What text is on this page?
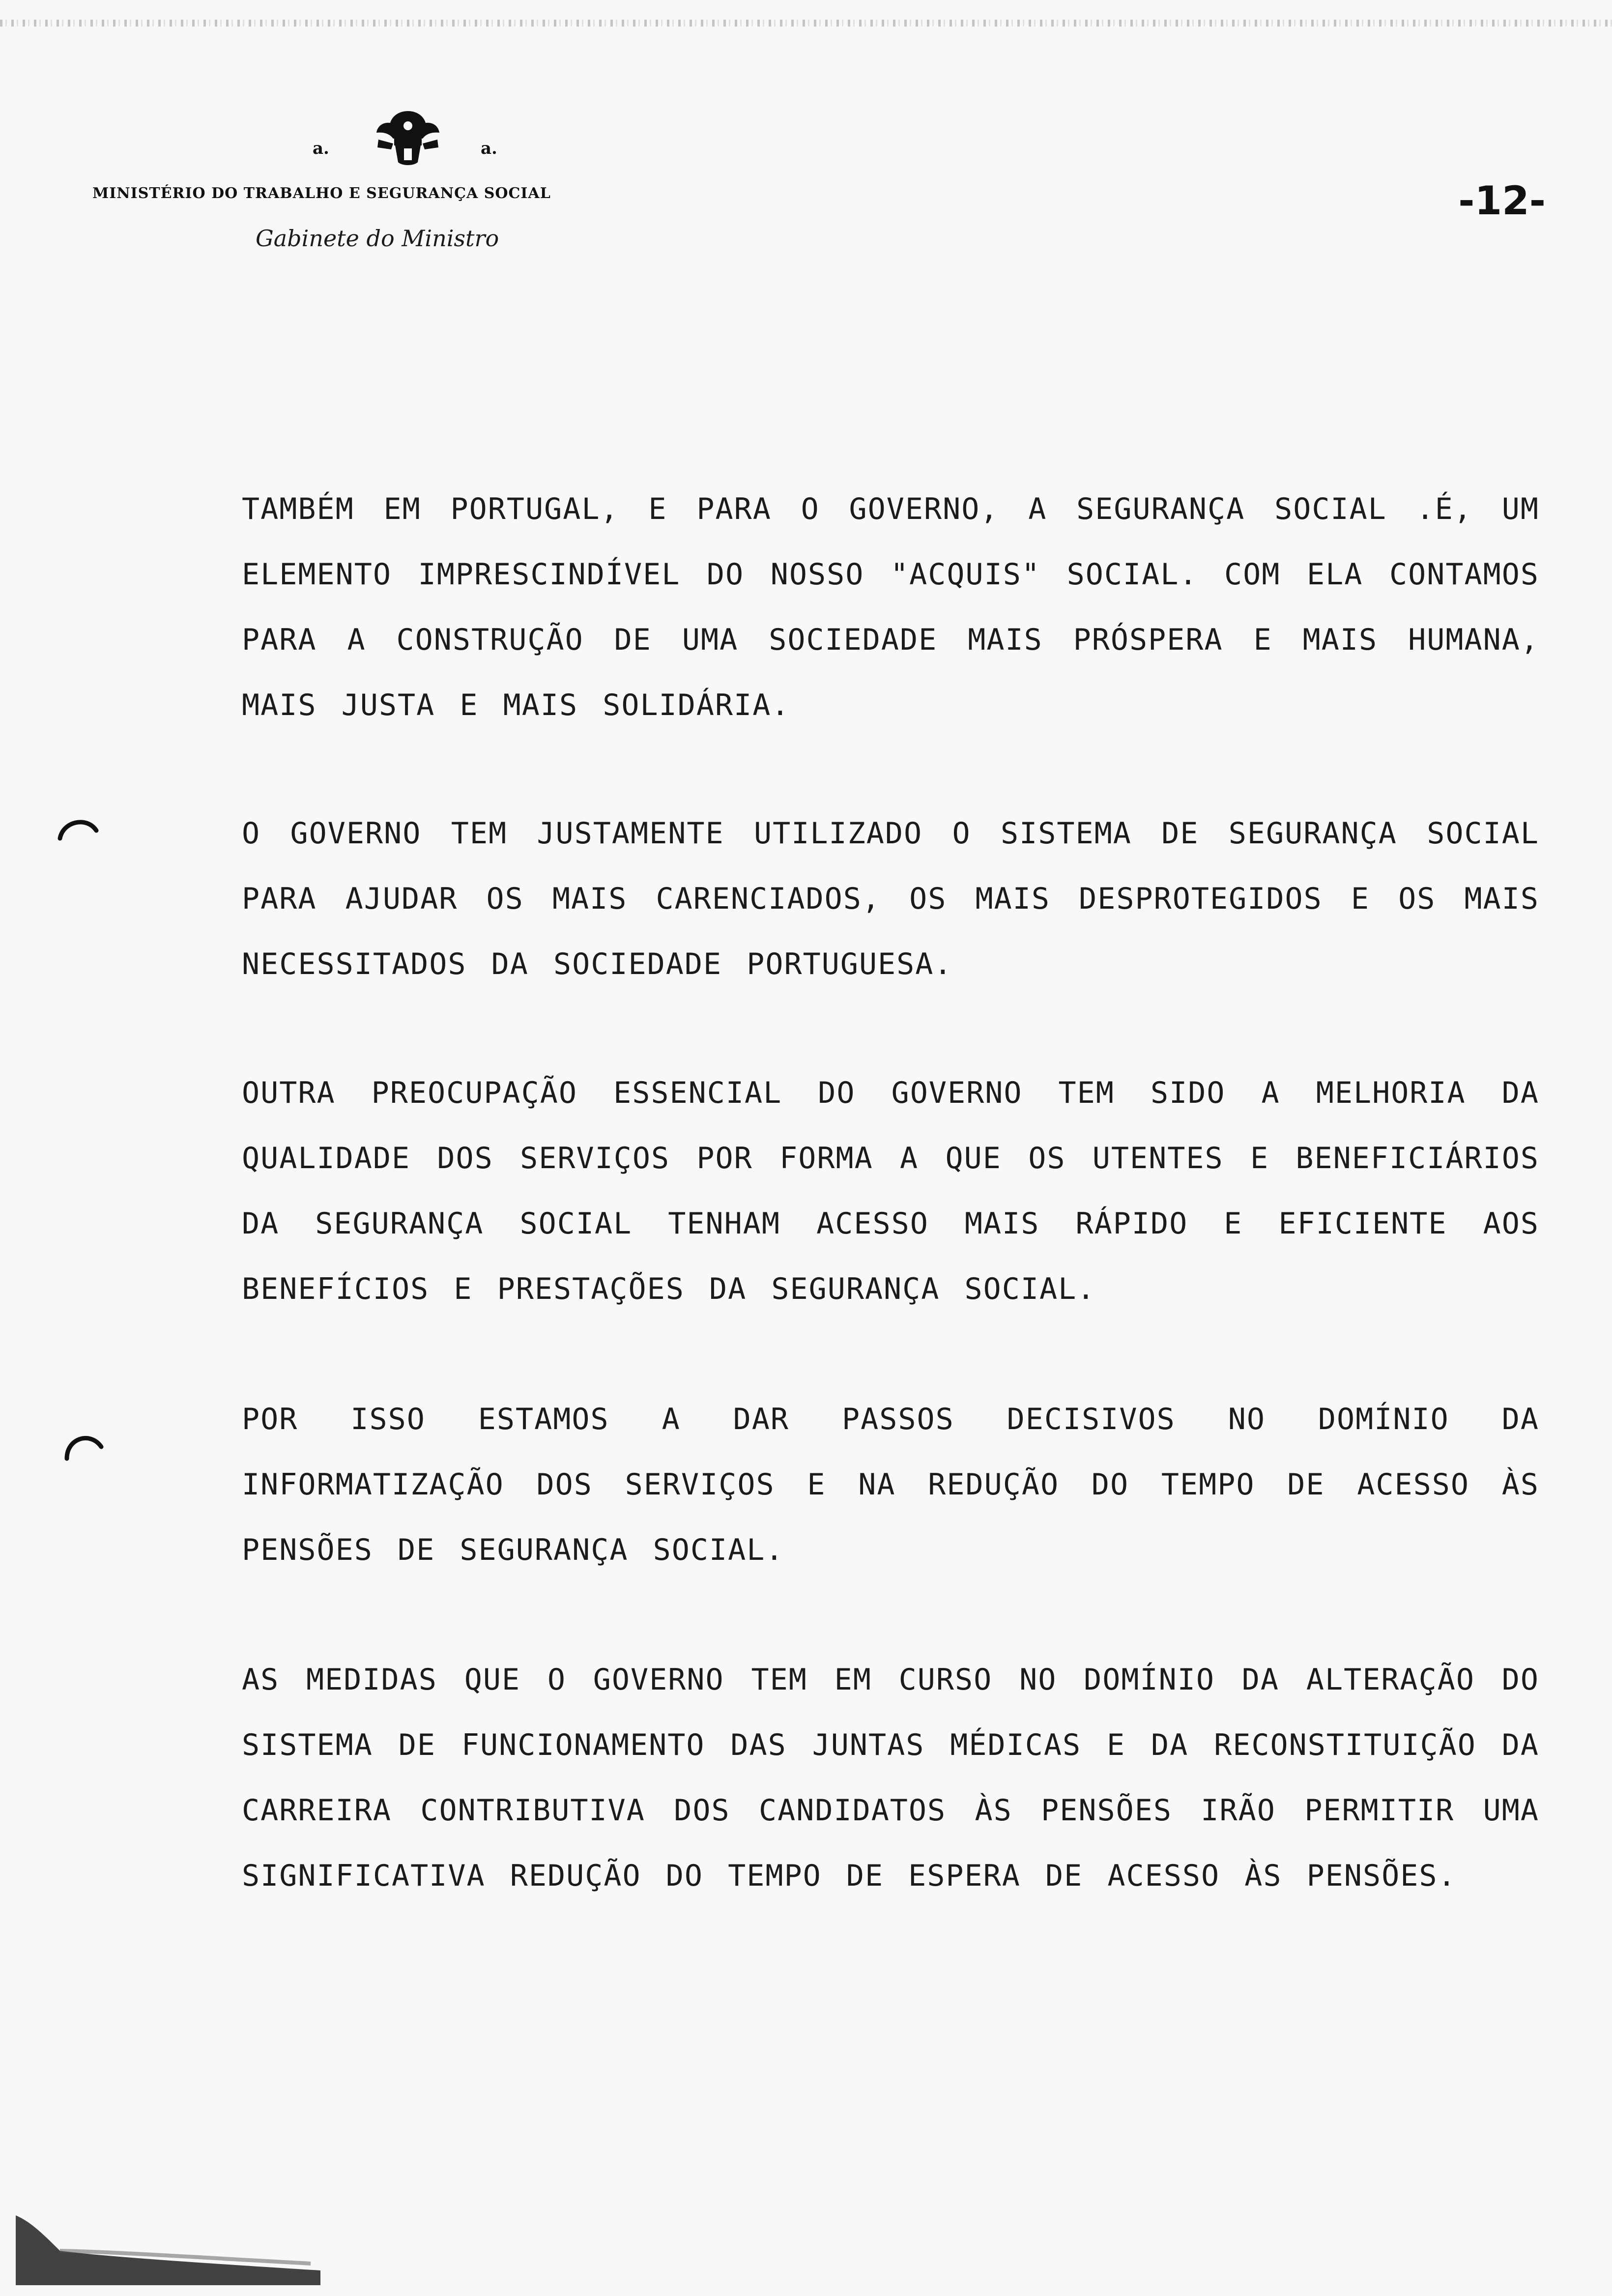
a.	a.
MINISTÉRIO DO TRABALHO E SEGURANÇA SOCIAL
Gabinete do Ministro
-12-

TAMBÉM EM PORTUGAL, E PARA O GOVERNO, A SEGURANÇA SOCIAL .É, UM ELEMENTO IMPRESCINDÍVEL DO NOSSO "ACQUIS" SOCIAL. COM ELA CONTAMOS PARA A CONSTRUÇÃO DE UMA SOCIEDADE MAIS PRÓSPERA E MAIS HUMANA, MAIS JUSTA E MAIS SOLIDÁRIA.

O GOVERNO TEM JUSTAMENTE UTILIZADO O SISTEMA DE SEGURANÇA SOCIAL PARA AJUDAR OS MAIS CARENCIADOS, OS MAIS DESPROTEGIDOS E OS MAIS NECESSITADOS DA SOCIEDADE PORTUGUESA.

OUTRA PREOCUPAÇÃO ESSENCIAL DO GOVERNO TEM SIDO A MELHORIA DA QUALIDADE DOS SERVIÇOS POR FORMA A QUE OS UTENTES E BENEFICIÁRIOS DA SEGURANÇA SOCIAL TENHAM ACESSO MAIS RÁPIDO E EFICIENTE AOS BENEFÍCIOS E PRESTAÇÕES DA SEGURANÇA SOCIAL.

POR ISSO ESTAMOS A DAR PASSOS DECISIVOS NO DOMÍNIO DA INFORMATIZAÇÃO DOS SERVIÇOS E NA REDUÇÃO DO TEMPO DE ACESSO ÀS PENSÕES DE SEGURANÇA SOCIAL.

AS MEDIDAS QUE O GOVERNO TEM EM CURSO NO DOMÍNIO DA ALTERAÇÃO DO SISTEMA DE FUNCIONAMENTO DAS JUNTAS MÉDICAS E DA RECONSTITUIÇÃO DA CARREIRA CONTRIBUTIVA DOS CANDIDATOS ÀS PENSÕES IRÃO PERMITIR UMA SIGNIFICATIVA REDUÇÃO DO TEMPO DE ESPERA DE ACESSO ÀS PENSÕES.
